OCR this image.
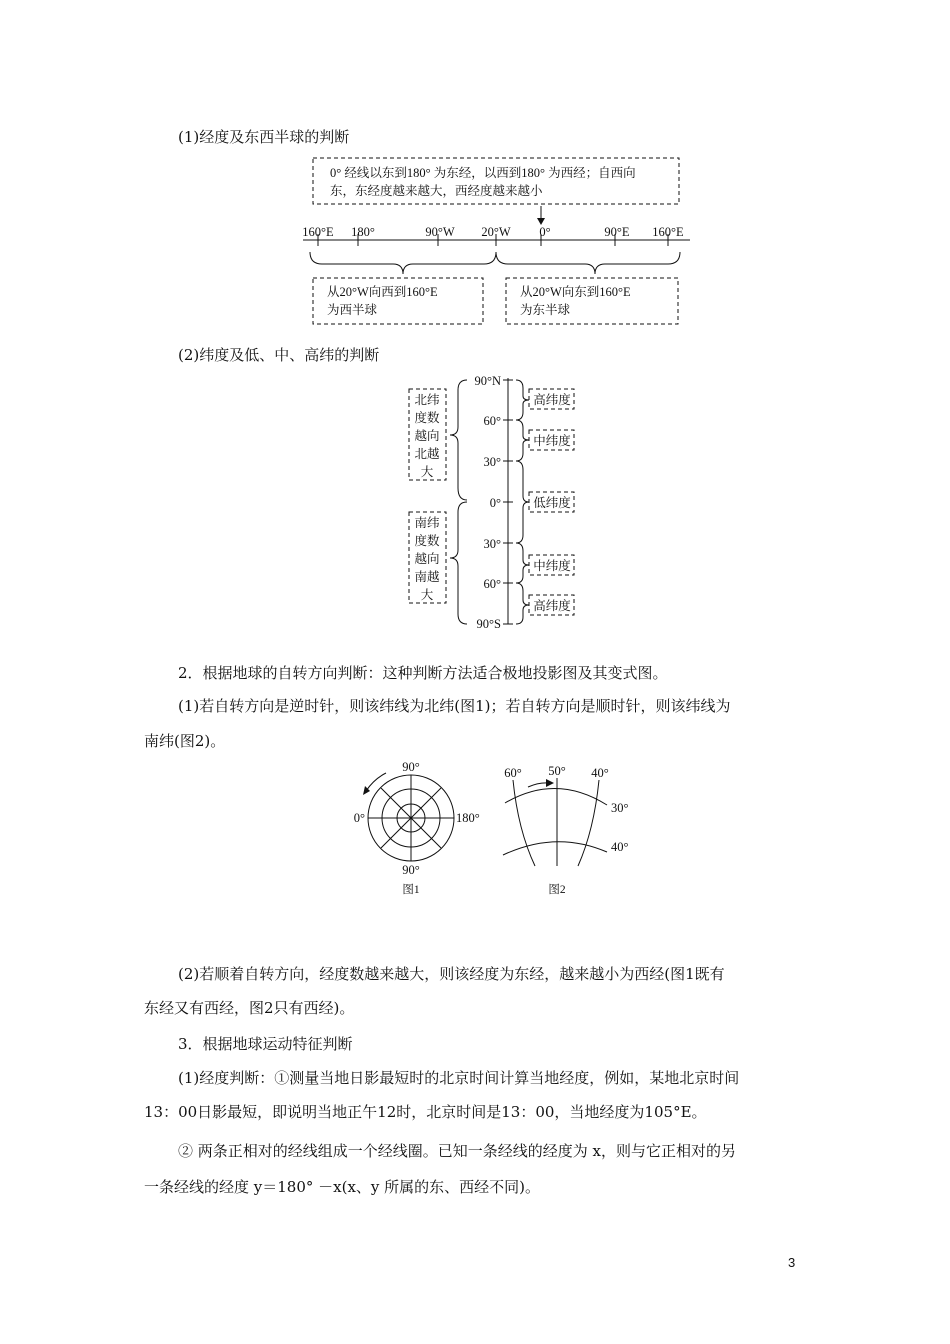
(1)经度及东西半球的判断
0° 经线以东到180° 为东经，以西到180° 为西经；自西向
东，东经度越来越大，西经度越来越小
160°E 180°	90°W 20°W 0°	90°E 160°E
从20°W向西到160°E
为西半球
从20°W向东到160°E
为东半球
(2)纬度及低、中、高纬的判断
北纬
度数
越向
北越
大
南纬
度数
越向
南越
大
90°N
60°
30°
0°
30°
60°
90°S
高纬度
中纬度
低纬度
中纬度
高纬度
2．根据地球的自转方向判断：这种判断方法适合极地投影图及其变式图。
(1)若自转方向是逆时针，则该纬线为北纬(图1)；若自转方向是顺时针，则该纬线为
南纬(图2)。
90°
90°
0°	180°
图1
60° 50° 40°
30°
40°
图2
(2)若顺着自转方向，经度数越来越大，则该经度为东经，越来越小为西经(图1既有
东经又有西经，图2只有西经)。
3．根据地球运动特征判断
(1)经度判断：①测量当地日影最短时的北京时间计算当地经度，例如，某地北京时间
13：00日影最短，即说明当地正午12时，北京时间是13：00，当地经度为105°E。
② 两条正相对的经线组成一个经线圈。已知一条经线的经度为 x，则与它正相对的另
一条经线的经度 y＝180° －x(x、y 所属的东、西经不同)。
3
